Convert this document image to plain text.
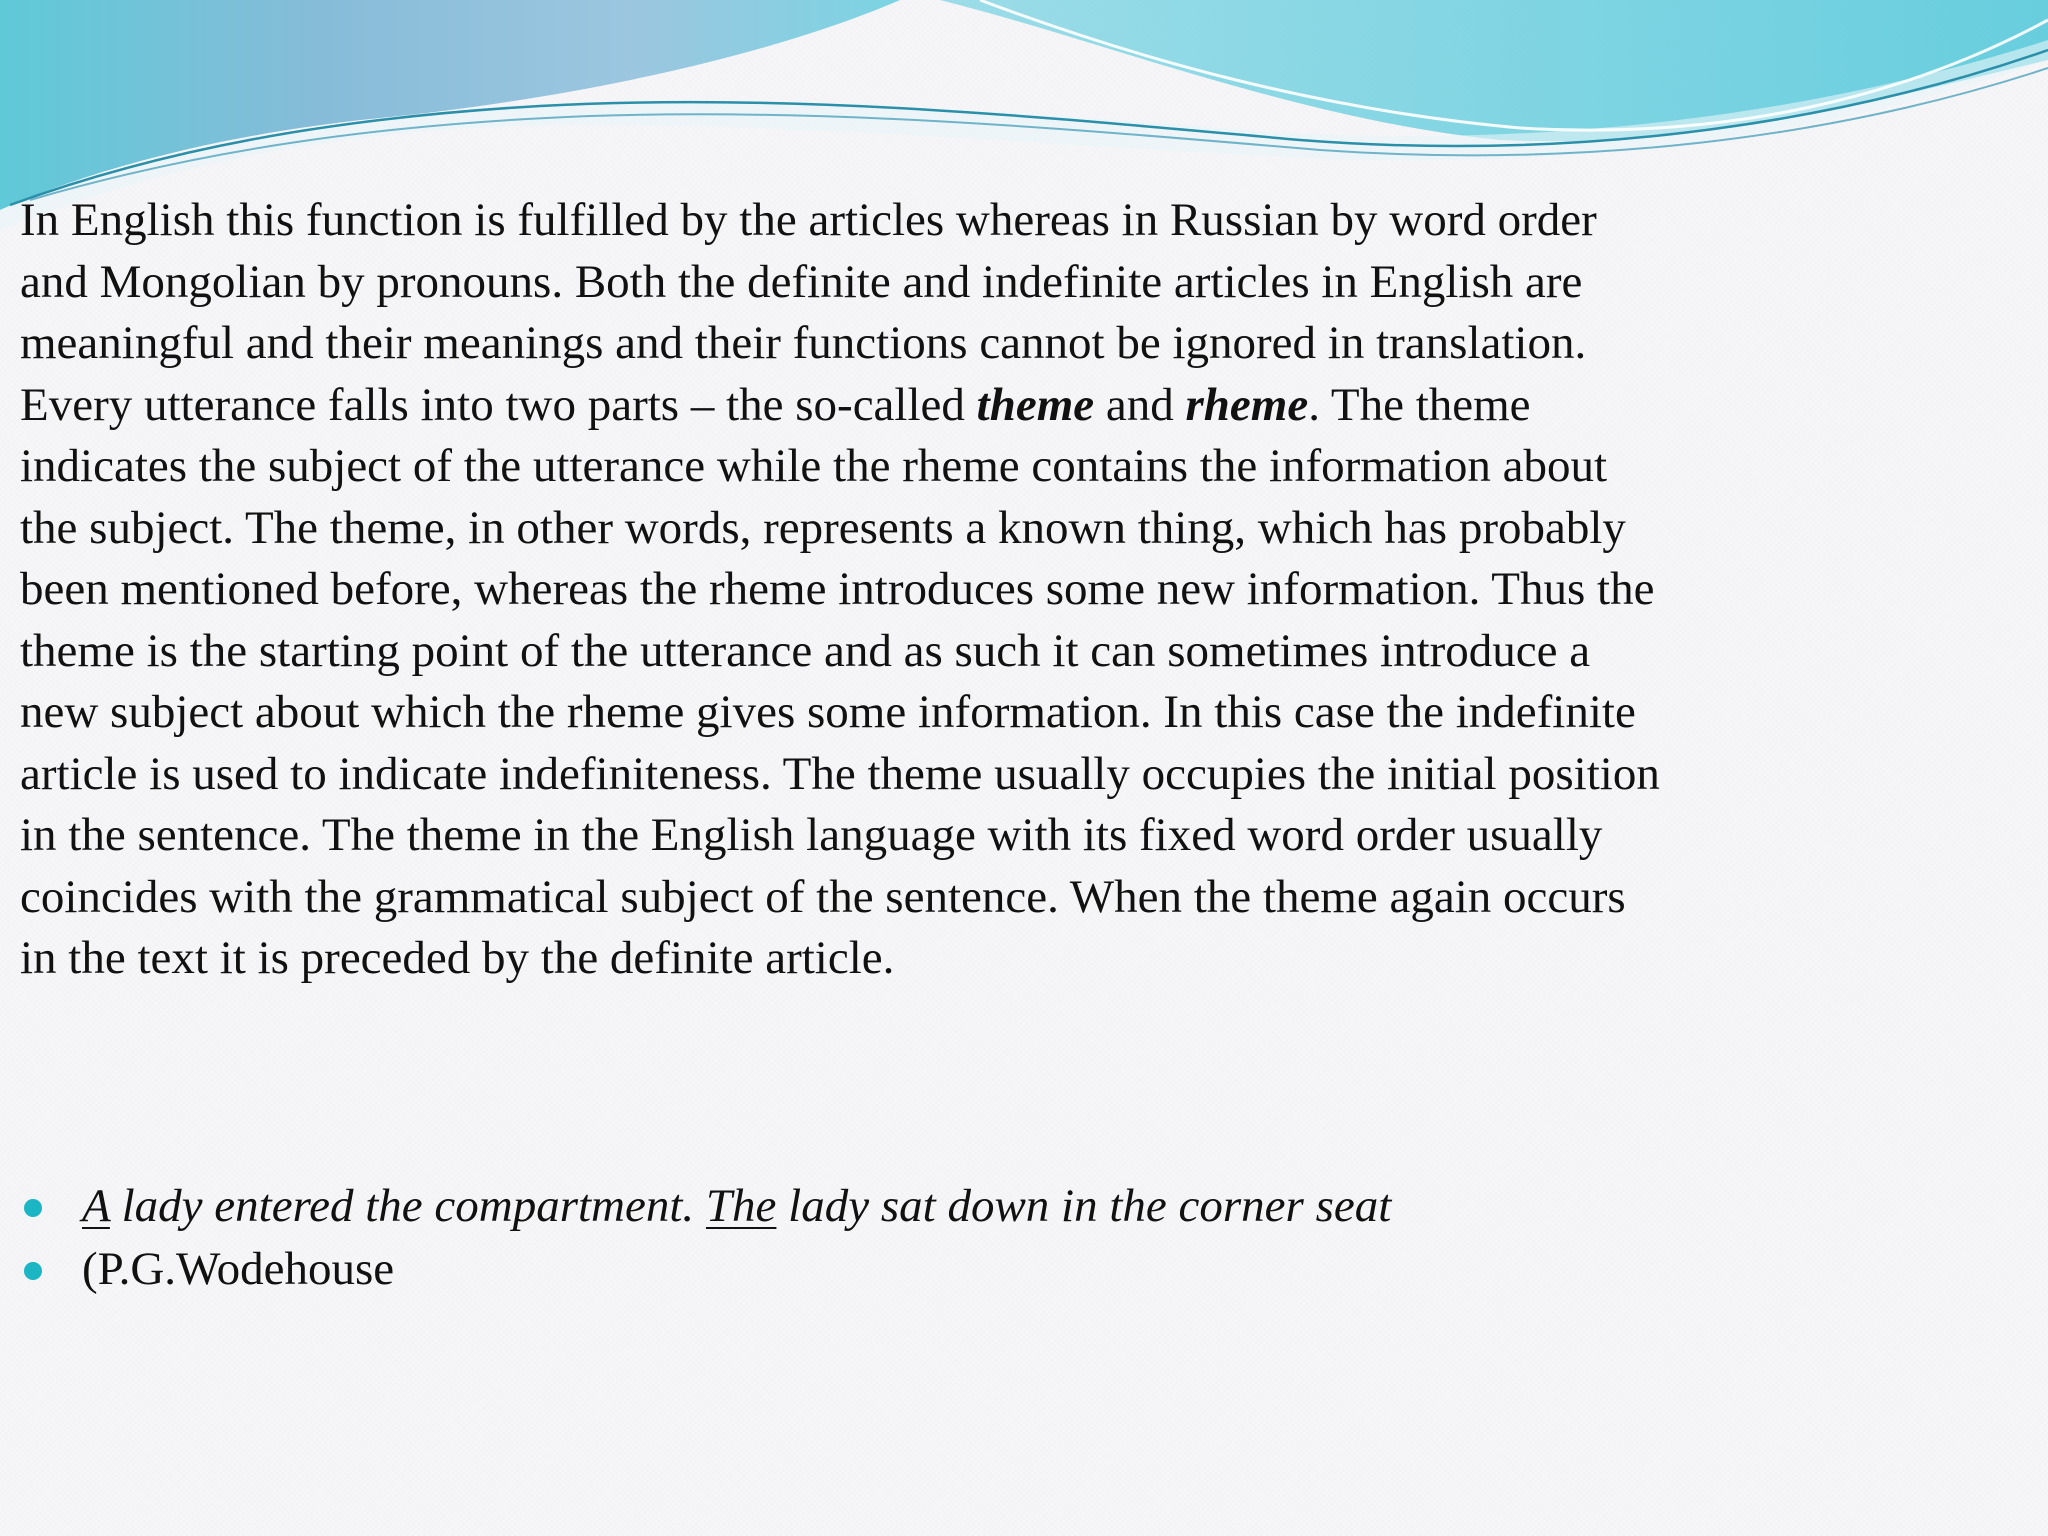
In English this function is fulfilled by the articles whereas in Russian by word order and Mongolian by pronouns. Both the definite and indefinite articles in English are meaningful and their meanings and their functions cannot be ignored in translation.

Every utterance falls into two parts – the so-called theme and rheme. The theme indicates the subject of the utterance while the rheme contains the information about the subject. The theme, in other words, represents a known thing, which has probably been mentioned before, whereas the rheme introduces some new information. Thus the theme is the starting point of the utterance and as such it can sometimes introduce a new subject about which the rheme gives some information. In this case the indefinite article is used to indicate indefiniteness. The theme usually occupies the initial position in the sentence. The theme in the English language with its fixed word order usually coincides with the grammatical subject of the sentence. When the theme again occurs in the text it is preceded by the definite article.

A lady entered the compartment. The lady sat down in the corner seat
(P.G.Wodehouse
